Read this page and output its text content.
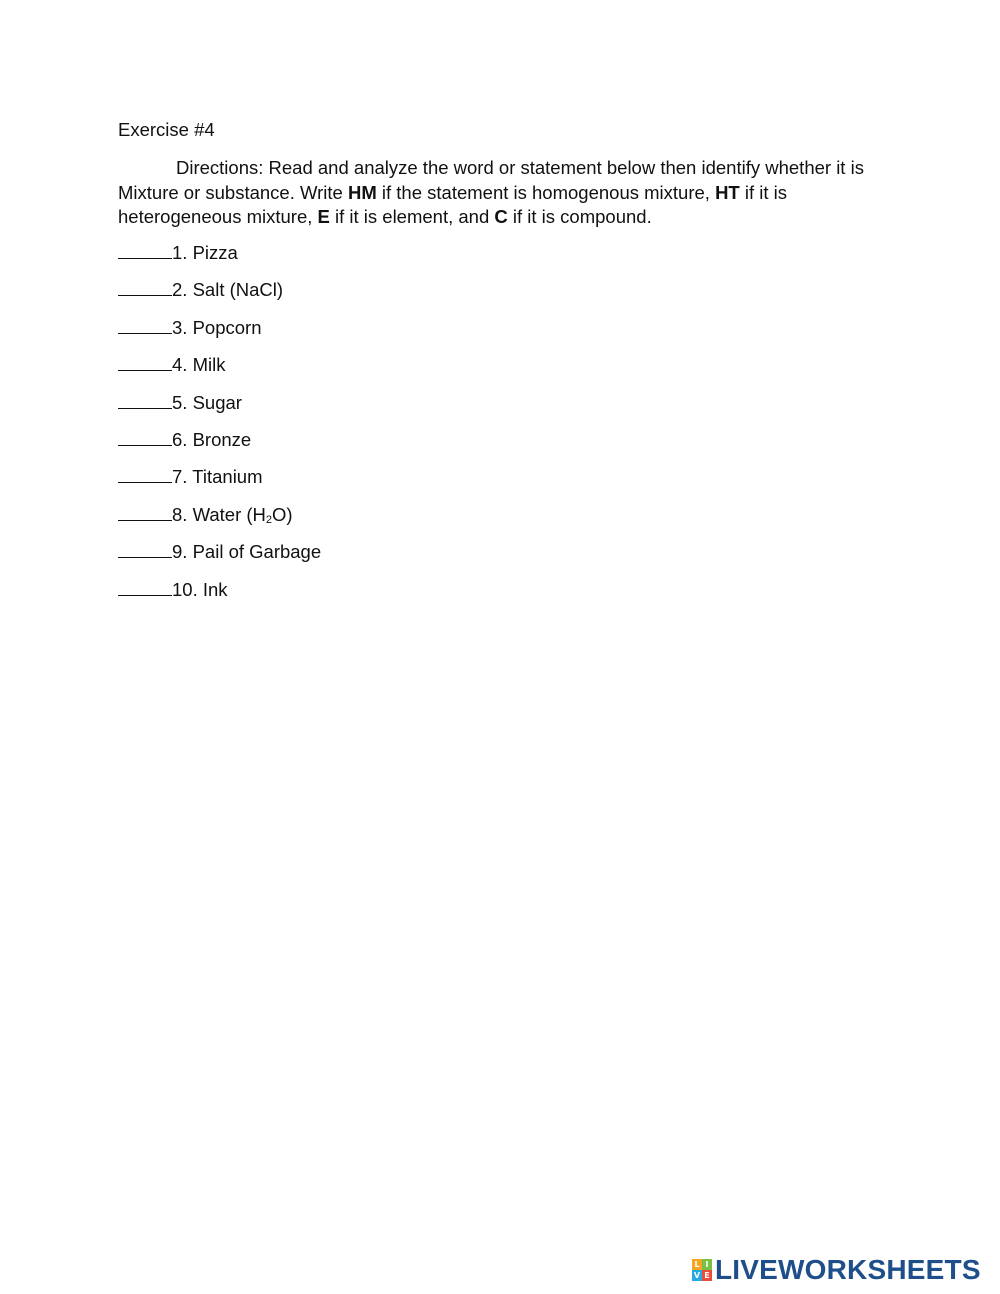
Exercise #4
Directions: Read and analyze the word or statement below then identify whether it is Mixture or substance. Write HM if the statement is homogenous mixture, HT if it is heterogeneous mixture, E if it is element, and C if it is compound.
1. Pizza
2. Salt (NaCl)
3. Popcorn
4. Milk
5. Sugar
6. Bronze
7. Titanium
8. Water $(H_2O)$
9. Pail of Garbage
10. Ink
L I
V E LIVEWORKSHEETS
